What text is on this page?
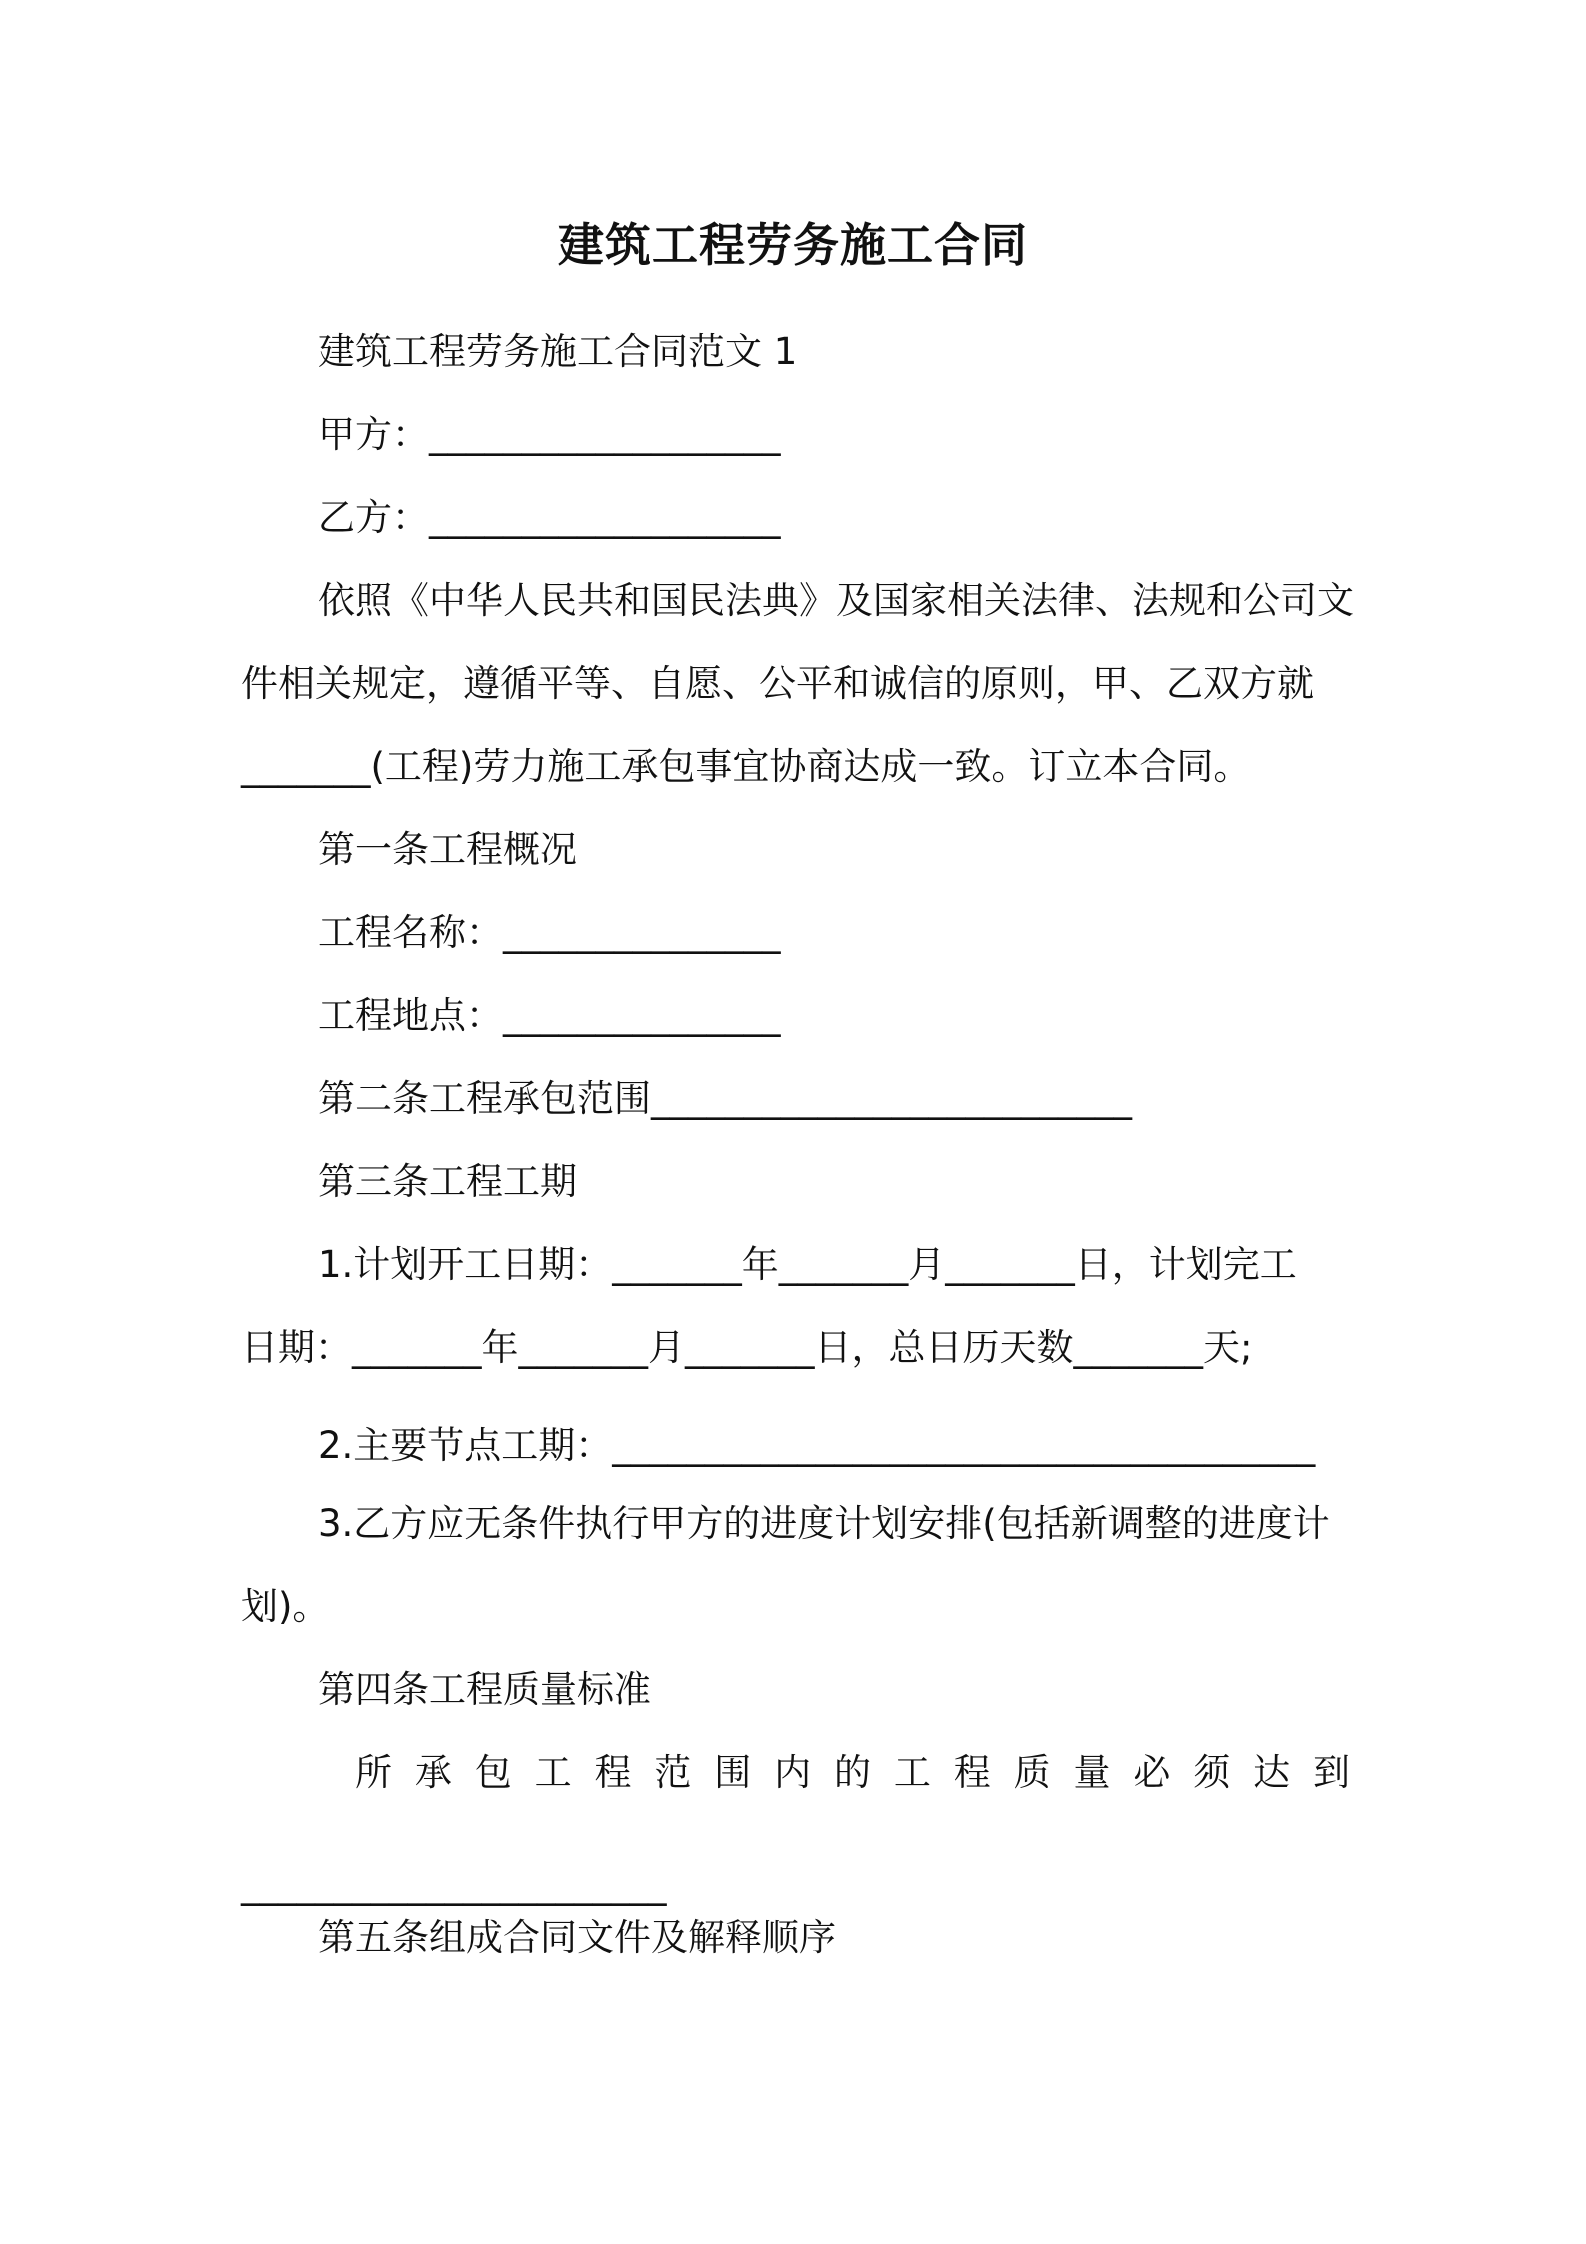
建筑工程劳务施工合同
建筑工程劳务施工合同范文 1
甲方：___________________
乙方：___________________
依照《中华人民共和国民法典》及国家相关法律、法规和公司文
件相关规定，遵循平等、自愿、公平和诚信的原则，甲、乙双方就
_______(工程)劳力施工承包事宜协商达成一致。订立本合同。
第一条工程概况
工程名称：_______________
工程地点：_______________
第二条工程承包范围__________________________
第三条工程工期
1.计划开工日期：_______年_______月_______日，计划完工
日期：_______年_______月_______日，总日历天数_______天;
2.主要节点工期：______________________________________
3.乙方应无条件执行甲方的进度计划安排(包括新调整的进度计
划)。
第四条工程质量标准
所 承 包 工 程 范 围 内 的 工 程 质 量 必 须 达 到
_______________________
第五条组成合同文件及解释顺序
